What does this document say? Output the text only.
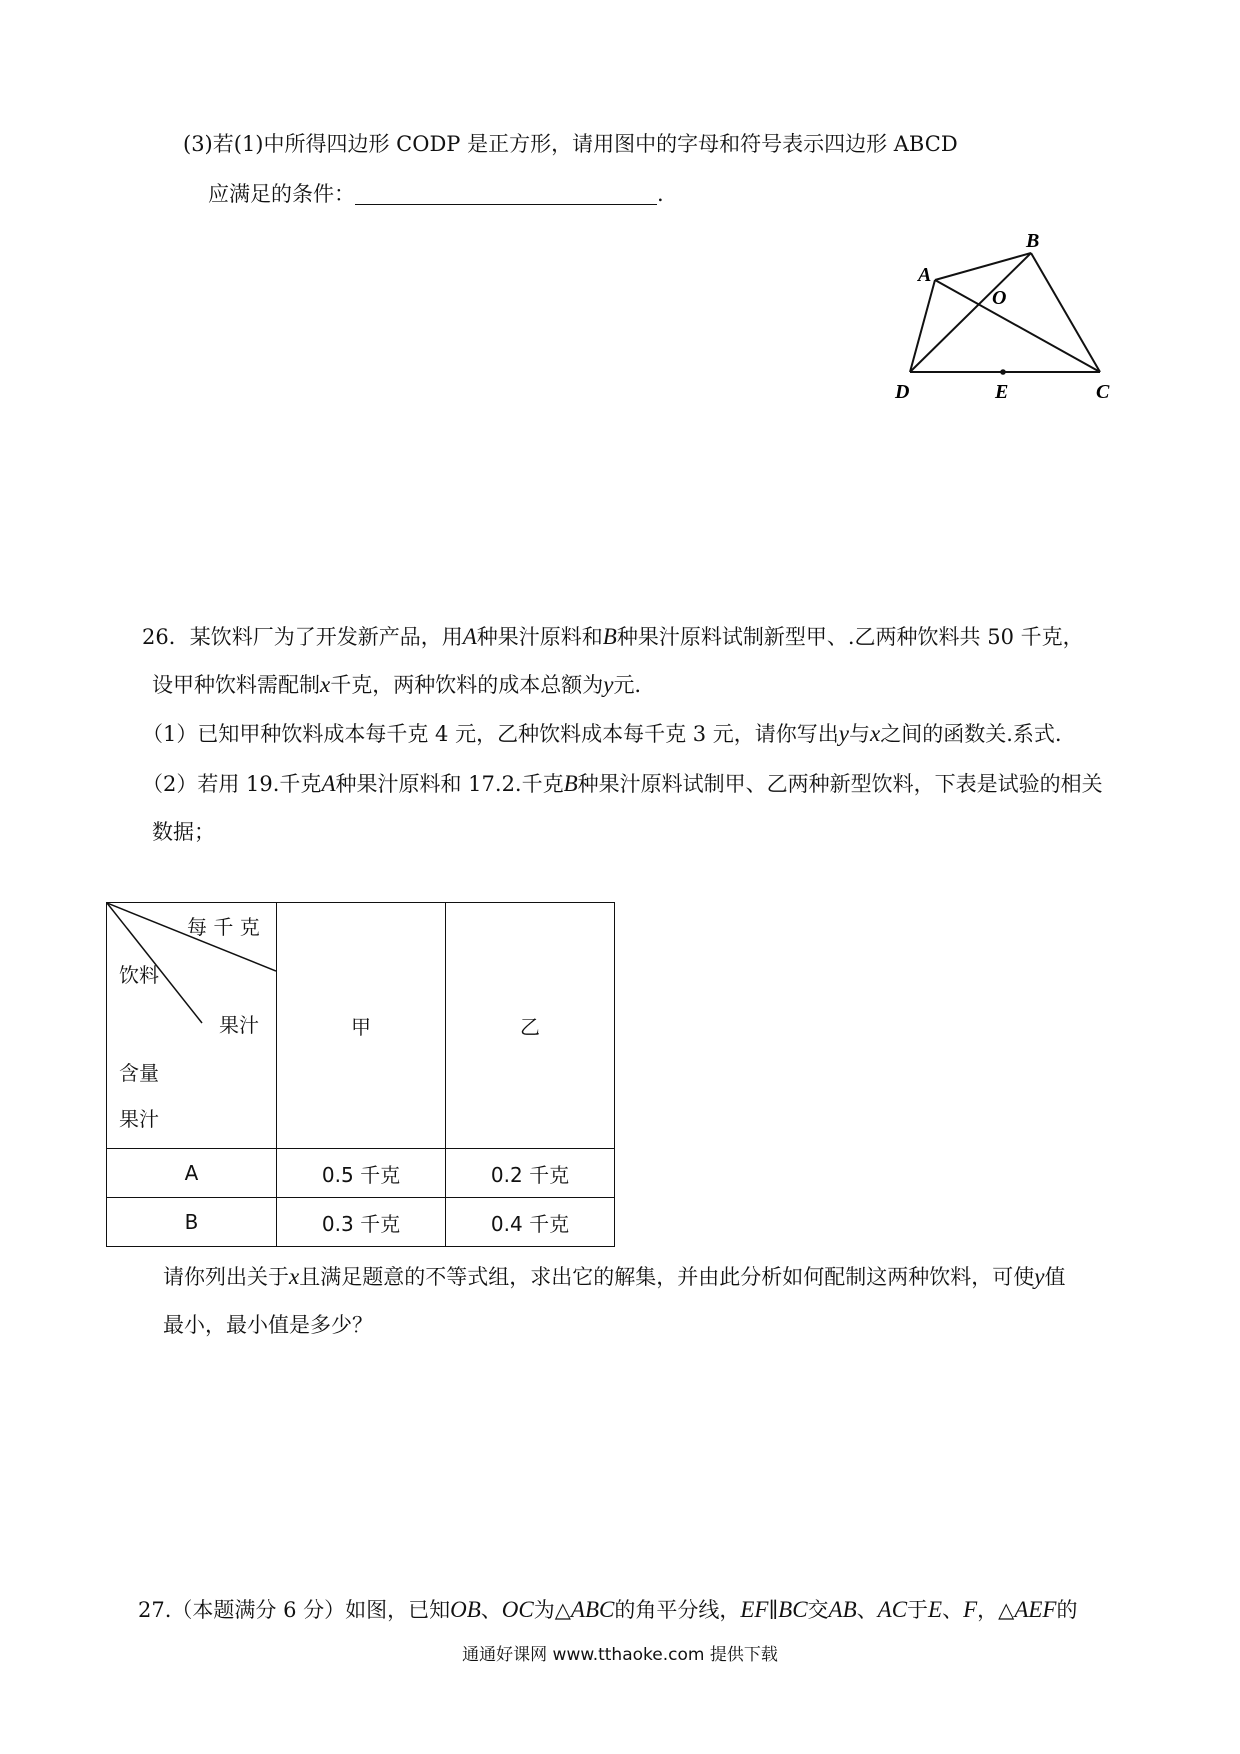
(3)若(1)中所得四边形 CODP 是正方形，请用图中的字母和符号表示四边形 ABCD
应满足的条件：	.
A
B
O
D	E	C
26．某饮料厂为了开发新产品，用A种果汁原料和B种果汁原料试制新型甲、.乙两种饮料共 50 千克，
设甲种饮料需配制x千克，两种饮料的成本总额为y元.
（1）已知甲种饮料成本每千克 4 元，乙种饮料成本每千克 3 元，请你写出y与x之间的函数关.系式.
（2）若用 19.千克A种果汁原料和 17.2.千克B种果汁原料试制甲、乙两种新型饮料，下表是试验的相关
数据；
每 千 克
饮料
果汁
含量
果汁	甲	乙
A	0.5 千克	0.2 千克
B	0.3 千克	0.4 千克
请你列出关于x且满足题意的不等式组，求出它的解集，并由此分析如何配制这两种饮料，可使y值
最小，最小值是多少？
27.（本题满分 6 分）如图，已知OB、OC为△ABC的角平分线，EF∥BC交AB、AC于E、F，△AEF的
通通好课网 www.tthaoke.com 提供下载
